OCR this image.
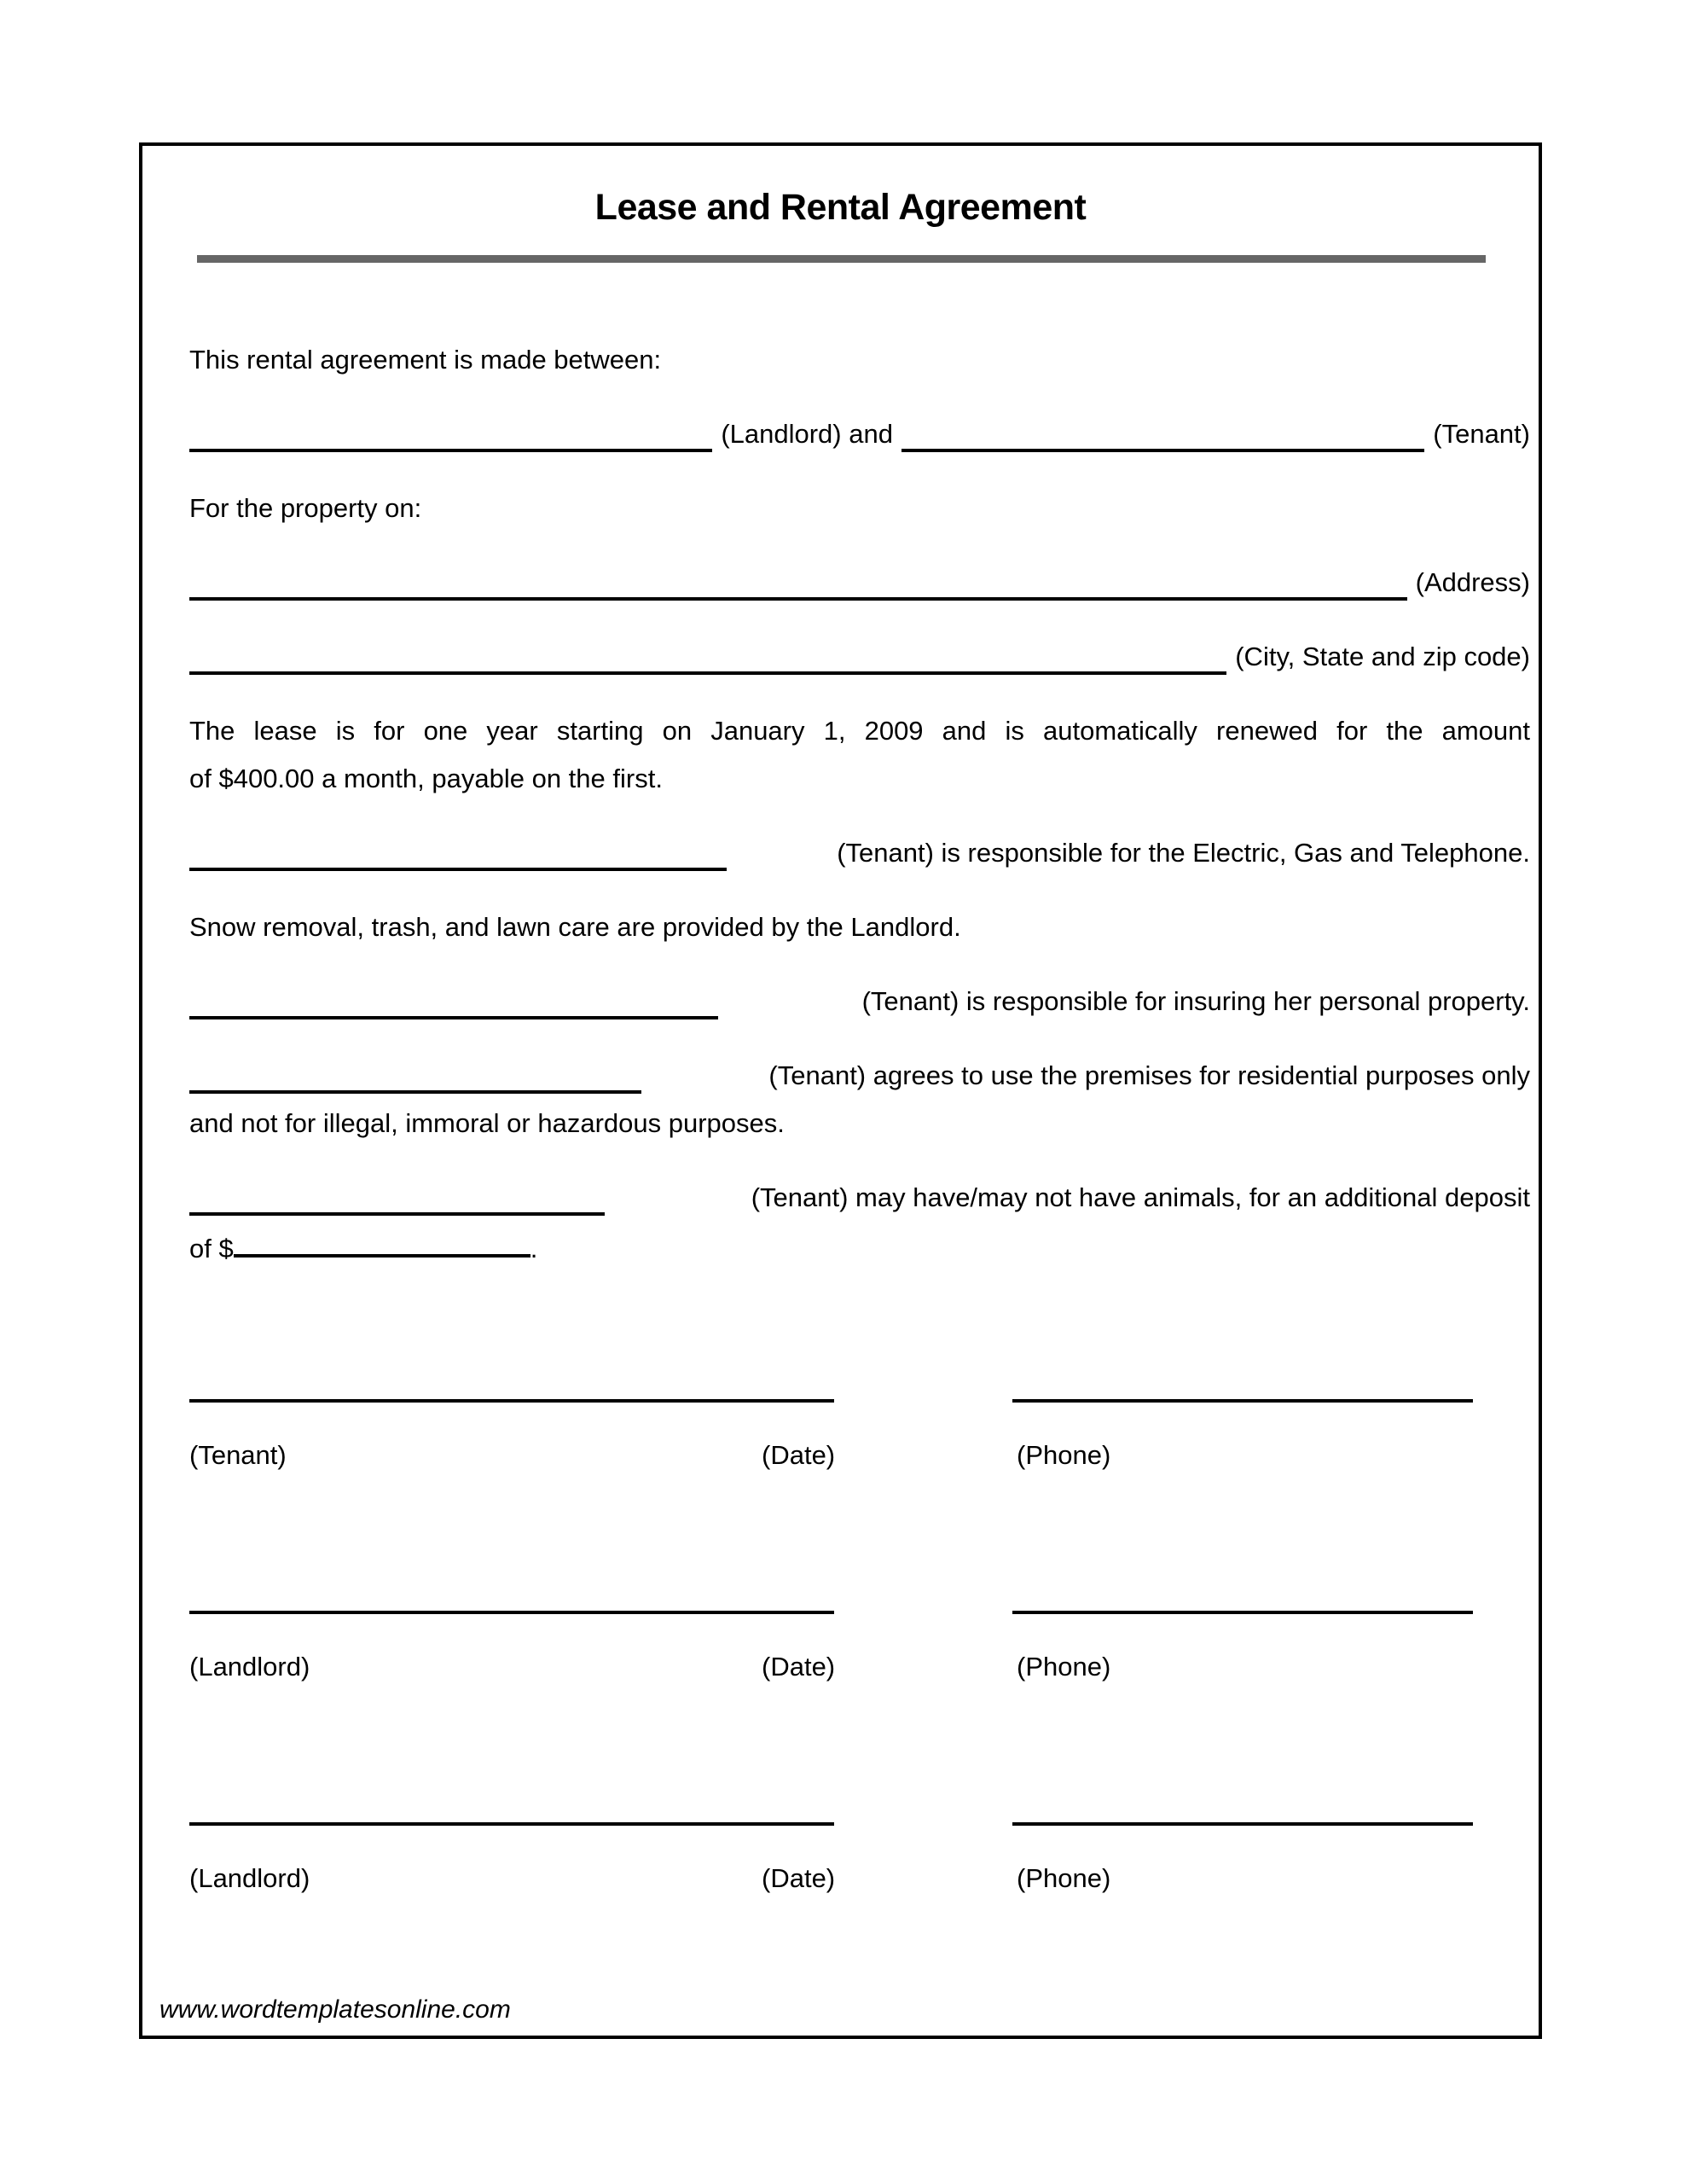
Lease and Rental Agreement

This rental agreement is made between:

(Landlord) and	(Tenant)

For the property on:

(Address)
(City, State and zip code)
The lease is for one year starting on January 1, 2009 and is automatically renewed for the amount
of $400.00 a month, payable on the first.
(Tenant) is responsible for the Electric, Gas and Telephone.

Snow removal, trash, and lawn care are provided by the Landlord.

(Tenant) is responsible for insuring her personal property.
(Tenant) agrees to use the premises for residential purposes only
and not for illegal, immoral or hazardous purposes.
(Tenant) may have/may not have animals, for an additional deposit
of $	.
(Tenant)	(Date)	(Phone)
(Landlord)	(Date)	(Phone)
(Landlord)	(Date)	(Phone)
www.wordtemplatesonline.com
